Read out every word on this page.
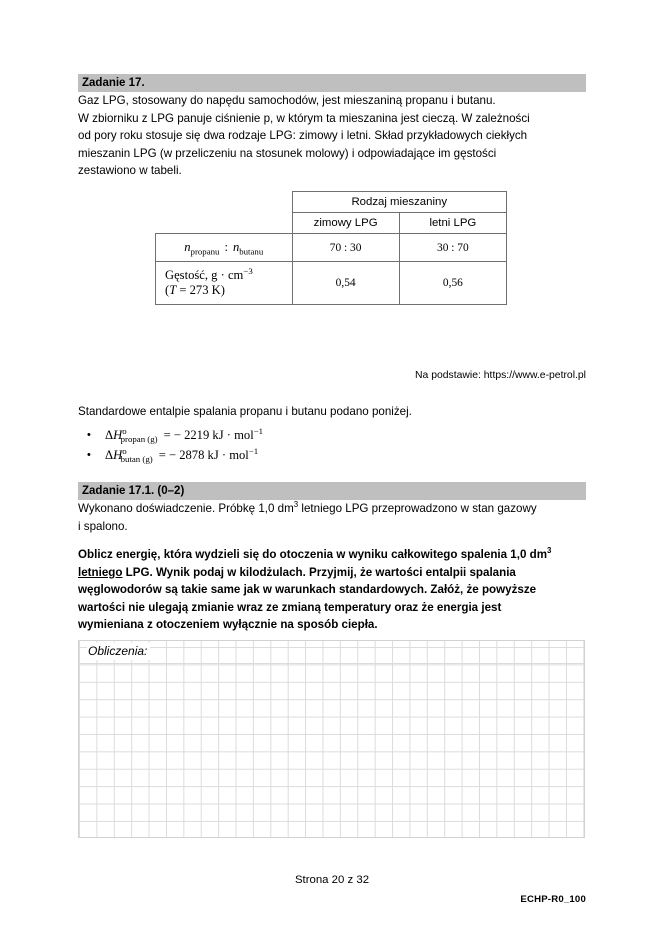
Zadanie 17.
Gaz LPG, stosowany do napędu samochodów, jest mieszaniną propanu i butanu.
W zbiorniku z LPG panuje ciśnienie p, w którym ta mieszanina jest cieczą. W zależności
od pory roku stosuje się dwa rodzaje LPG: zimowy i letni. Skład przykładowych ciekłych
mieszanin LPG (w przeliczeniu na stosunek molowy) i odpowiadające im gęstości
zestawiono w tabeli.
	Rodzaj mieszaniny	
	zimowy LPG	letni LPG
$n_{propanu}$ : $n_{butanu}$	70 : 30	30 : 70
Gęstość, $g \cdot cm^{-3}$
(T = 273 K)	0,54	0,56
Na podstawie: https://www.e-petrol.pl
Standardowe entalpie spalania propanu i butanu podano poniżej.
• $\Delta H^o_{propan (g)}$ = − 2219 kJ · mol$^{-1}$
• $\Delta H^o_{butan (g)}$ = − 2878 kJ · mol$^{-1}$
Zadanie 17.1. (0–2)
Wykonano doświadczenie. Próbkę 1,0 $dm^3$ letniego LPG przeprowadzono w stan gazowy
i spalono.
Oblicz energię, która wydzieli się do otoczenia w wyniku całkowitego spalenia 1,0 $dm^3$
letniego LPG. Wynik podaj w kilodżulach. Przyjmij, że wartości entalpii spalania
węglowodorów są takie same jak w warunkach standardowych. Załóż, że powyższe
wartości nie ulegają zmianie wraz ze zmianą temperatury oraz że energia jest
wymieniana z otoczeniem wyłącznie na sposób ciepła.
Obliczenia:
Strona 20 z 32
ECHP-R0_100
